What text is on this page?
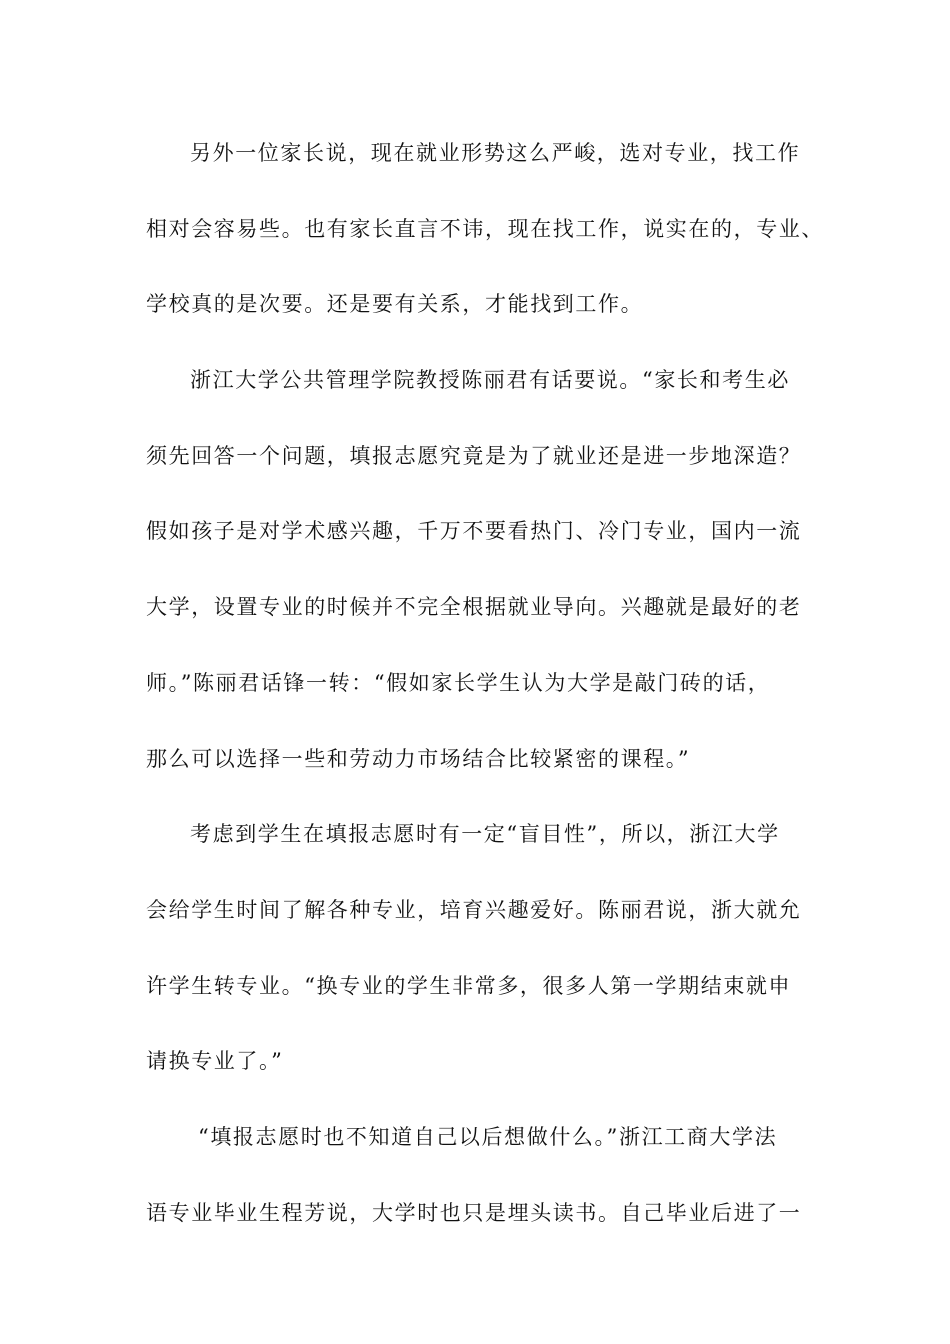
另外一位家长说，现在就业形势这么严峻，选对专业，找工作
相对会容易些。也有家长直言不讳，现在找工作，说实在的，专业、
学校真的是次要。还是要有关系，才能找到工作。
浙江大学公共管理学院教授陈丽君有话要说。“家长和考生必
须先回答一个问题，填报志愿究竟是为了就业还是进一步地深造？
假如孩子是对学术感兴趣，千万不要看热门、冷门专业，国内一流
大学，设置专业的时候并不完全根据就业导向。兴趣就是最好的老
师。”陈丽君话锋一转：“假如家长学生认为大学是敲门砖的话，
那么可以选择一些和劳动力市场结合比较紧密的课程。”
考虑到学生在填报志愿时有一定“盲目性”，所以，浙江大学
会给学生时间了解各种专业，培育兴趣爱好。陈丽君说，浙大就允
许学生转专业。“换专业的学生非常多，很多人第一学期结束就申
请换专业了。”
“填报志愿时也不知道自己以后想做什么。”浙江工商大学法
语专业毕业生程芳说，大学时也只是埋头读书。自己毕业后进了一
